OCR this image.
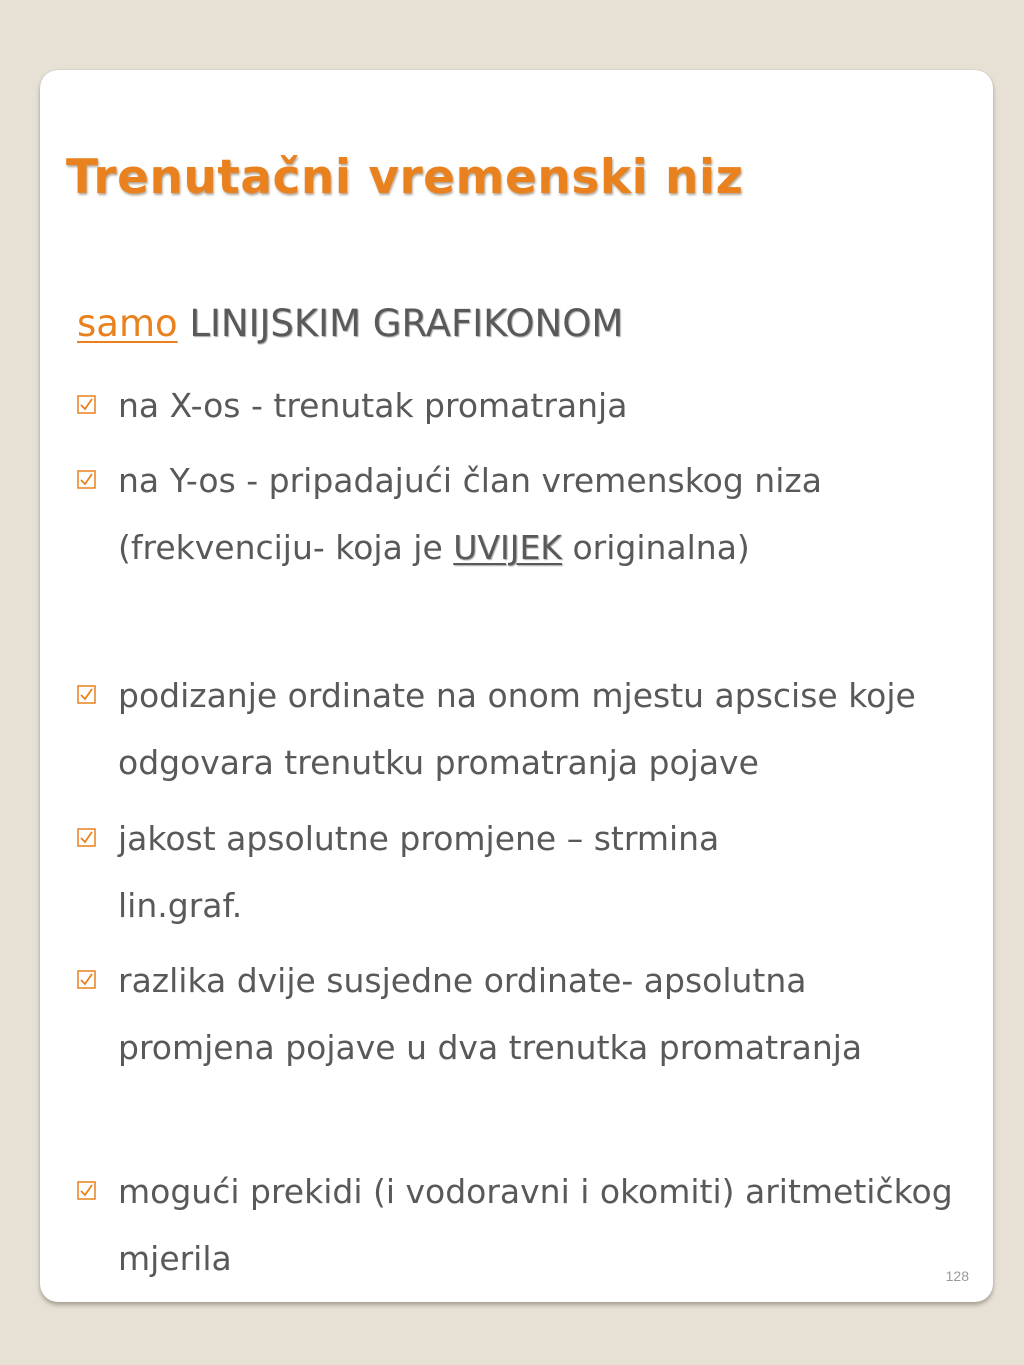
Trenutačni vremenski niz
samo LINIJSKIM GRAFIKONOM
na X-os - trenutak promatranja
na Y-os - pripadajući član vremenskog niza (frekvenciju- koja je UVIJEK originalna)
podizanje ordinate na onom mjestu apscise koje odgovara trenutku promatranja pojave
jakost apsolutne promjene – strmina lin.graf.
razlika dvije susjedne ordinate- apsolutna promjena pojave u dva trenutka promatranja
mogući prekidi (i vodoravni i okomiti) aritmetičkog mjerila	128
